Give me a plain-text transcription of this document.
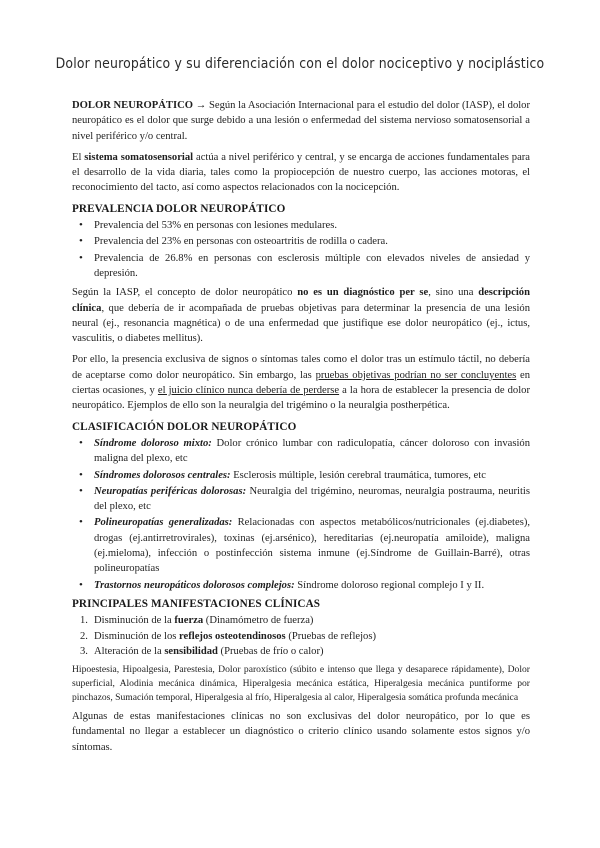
Dolor neuropático y su diferenciación con el dolor nociceptivo y nociplástico

DOLOR NEUROPÁTICO → Según la Asociación Internacional para el estudio del dolor (IASP), el dolor neuropático es el dolor que surge debido a una lesión o enfermedad del sistema nervioso somatosensorial a nivel periférico y/o central.

El sistema somatosensorial actúa a nivel periférico y central, y se encarga de acciones fundamentales para el desarrollo de la vida diaria, tales como la propiocepción de nuestro cuerpo, las acciones motoras, el reconocimiento del tacto, así como aspectos relacionados con la nocicepción.

PREVALENCIA DOLOR NEUROPÁTICO
• Prevalencia del 53% en personas con lesiones medulares.
• Prevalencia del 23% en personas con osteoartritis de rodilla o cadera.
• Prevalencia de 26.8% en personas con esclerosis múltiple con elevados niveles de ansiedad y depresión.

Según la IASP, el concepto de dolor neuropático no es un diagnóstico per se, sino una descripción clínica, que debería de ir acompañada de pruebas objetivas para determinar la presencia de una lesión neural (ej., resonancia magnética) o de una enfermedad que justifique ese dolor neuropático (ej., ictus, vasculitis, o diabetes mellitus).

Por ello, la presencia exclusiva de signos o síntomas tales como el dolor tras un estímulo táctil, no debería de aceptarse como dolor neuropático. Sin embargo, las pruebas objetivas podrían no ser concluyentes en ciertas ocasiones, y el juicio clínico nunca debería de perderse a la hora de establecer la presencia de dolor neuropático. Ejemplos de ello son la neuralgia del trigémino o la neuralgia postherpética.

CLASIFICACIÓN DOLOR NEUROPÁTICO
• Síndrome doloroso mixto: Dolor crónico lumbar con radiculopatía, cáncer doloroso con invasión maligna del plexo, etc
• Síndromes dolorosos centrales: Esclerosis múltiple, lesión cerebral traumática, tumores, etc
• Neuropatías periféricas dolorosas: Neuralgia del trigémino, neuromas, neuralgia postrauma, neuritis del plexo, etc
• Polineuropatías generalizadas: Relacionadas con aspectos metabólicos/nutricionales (ej.diabetes), drogas (ej.antirretrovirales), toxinas (ej.arsénico), hereditarias (ej.neuropatía amiloide), maligna (ej.mieloma), infección o postinfección sistema inmune (ej.Síndrome de Guillain-Barré), otras polineuropatías
• Trastornos neuropáticos dolorosos complejos: Síndrome doloroso regional complejo I y II.
PRINCIPALES MANIFESTACIONES CLÍNICAS
1. Disminución de la fuerza (Dinamómetro de fuerza)
2. Disminución de los reflejos osteotendinosos (Pruebas de reflejos)
3. Alteración de la sensibilidad (Pruebas de frío o calor)

Hipoestesia, Hipoalgesia, Parestesia, Dolor paroxístico (súbito e intenso que llega y desaparece rápidamente), Dolor superficial, Alodinia mecánica dinámica, Hiperalgesia mecánica estática, Hiperalgesia mecánica puntiforme por pinchazos, Sumación temporal, Hiperalgesia al frío, Hiperalgesia al calor, Hiperalgesia somática profunda mecánica

Algunas de estas manifestaciones clínicas no son exclusivas del dolor neuropático, por lo que es fundamental no llegar a establecer un diagnóstico o criterio clínico usando solamente estos signos y/o síntomas.
